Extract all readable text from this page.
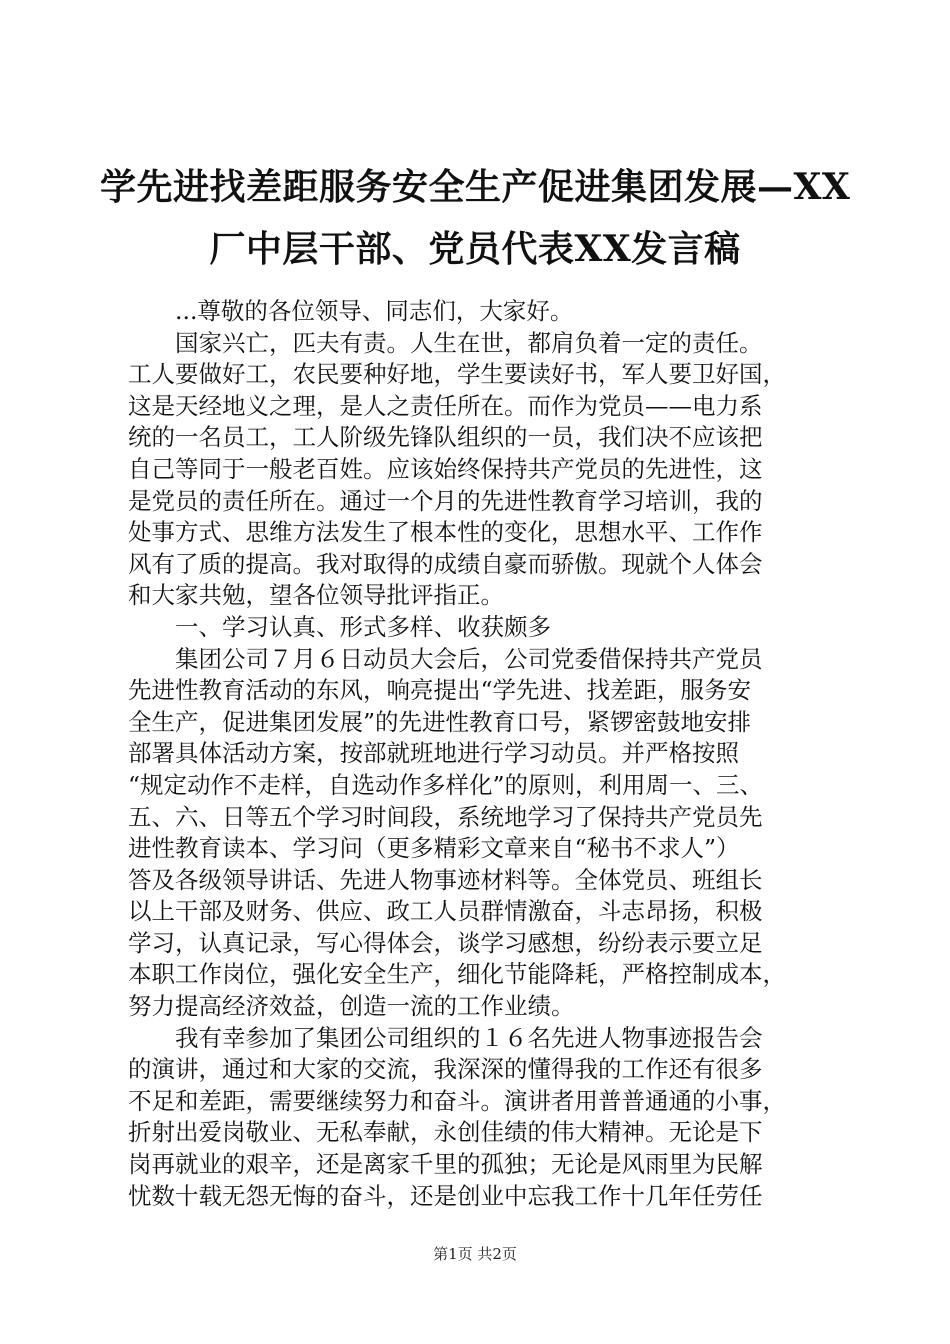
学先进找差距服务安全生产促进集团发展—XX
厂中层干部、党员代表XX发言稿
...尊敬的各位领导、同志们，大家好。
国家兴亡，匹夫有责。人生在世，都肩负着一定的责任。
工人要做好工，农民要种好地，学生要读好书，军人要卫好国，
这是天经地义之理，是人之责任所在。而作为党员——电力系
统的一名员工，工人阶级先锋队组织的一员，我们决不应该把
自己等同于一般老百姓。应该始终保持共产党员的先进性，这
是党员的责任所在。通过一个月的先进性教育学习培训，我的
处事方式、思维方法发生了根本性的变化，思想水平、工作作
风有了质的提高。我对取得的成绩自豪而骄傲。现就个人体会
和大家共勉，望各位领导批评指正。
一、学习认真、形式多样、收获颇多
集团公司７月６日动员大会后，公司党委借保持共产党员
先进性教育活动的东风，响亮提出“学先进、找差距，服务安
全生产，促进集团发展”的先进性教育口号，紧锣密鼓地安排
部署具体活动方案，按部就班地进行学习动员。并严格按照
“规定动作不走样，自选动作多样化”的原则，利用周一、三、
五、六、日等五个学习时间段，系统地学习了保持共产党员先
进性教育读本、学习问（更多精彩文章来自“秘书不求人”）
答及各级领导讲话、先进人物事迹材料等。全体党员、班组长
以上干部及财务、供应、政工人员群情激奋，斗志昂扬，积极
学习，认真记录，写心得体会，谈学习感想，纷纷表示要立足
本职工作岗位，强化安全生产，细化节能降耗，严格控制成本，
努力提高经济效益，创造一流的工作业绩。
我有幸参加了集团公司组织的１６名先进人物事迹报告会
的演讲，通过和大家的交流，我深深的懂得我的工作还有很多
不足和差距，需要继续努力和奋斗。演讲者用普普通通的小事，
折射出爱岗敬业、无私奉献，永创佳绩的伟大精神。无论是下
岗再就业的艰辛，还是离家千里的孤独；无论是风雨里为民解
忧数十载无怨无悔的奋斗，还是创业中忘我工作十几年任劳任
第1页 共2页
